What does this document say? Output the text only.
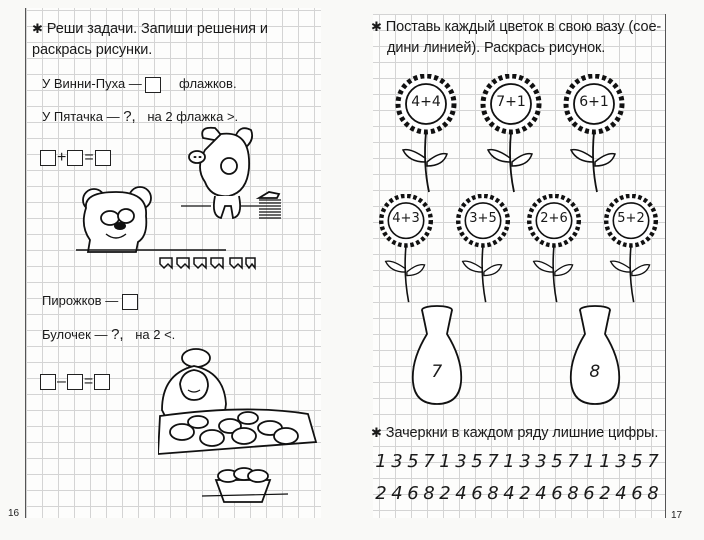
✱ Реши задачи. Запиши решения и раскрась рисунки.
У Винни-Пуха —	флажков.
У Пятачка — ?, на 2 флажка >.
+ =
Пирожков —
Булочек — ?, на 2 <.
– =
16
✱ Поставь каждый цветок в свою вазу (сое-
дини линией). Раскрась рисунок.
4+4	7+1	6+1
4+3	3+5	2+6	5+2
7	8
✱ Зачеркни в каждом ряду лишние цифры.
1 3 5 7 1 3 5 7 1 3 3 5 7 1 1 3 5 7
2 4 6 8 2 4 6 8 4 2 4 6 8 6 2 4 6 8
17
